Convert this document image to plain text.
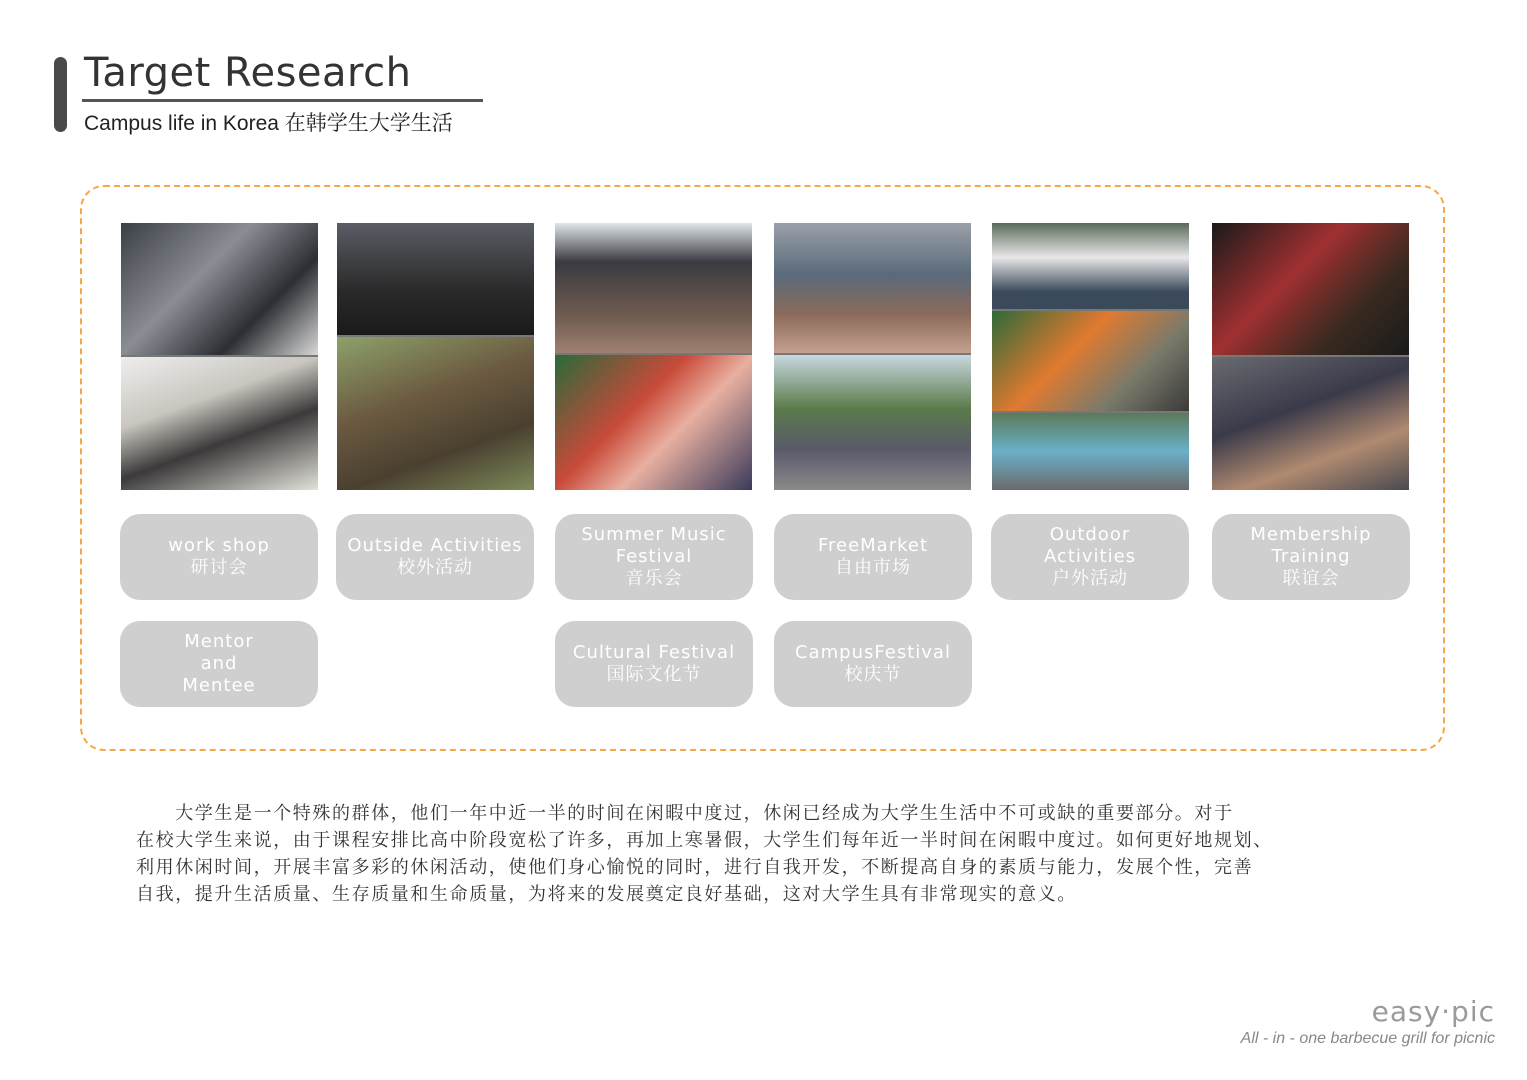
Target Research
Campus life in Korea 在韩学生大学生活
work shop
研讨会
Outside Activities
校外活动
Summer Music
Festival
音乐会
FreeMarket
自由市场
Outdoor
Activities
户外活动
Membership
Training
联谊会
Mentor
and
Mentee
Cultural Festival
国际文化节
CampusFestival
校庆节
　　大学生是一个特殊的群体，他们一年中近一半的时间在闲暇中度过，休闲已经成为大学生生活中不可或缺的重要部分。对于
在校大学生来说，由于课程安排比高中阶段宽松了许多，再加上寒暑假，大学生们每年近一半时间在闲暇中度过。如何更好地规划、
利用休闲时间，开展丰富多彩的休闲活动，使他们身心愉悦的同时，进行自我开发，不断提高自身的素质与能力，发展个性，完善
自我，提升生活质量、生存质量和生命质量，为将来的发展奠定良好基础，这对大学生具有非常现实的意义。
easy·pic
All - in - one barbecue grill for picnic
